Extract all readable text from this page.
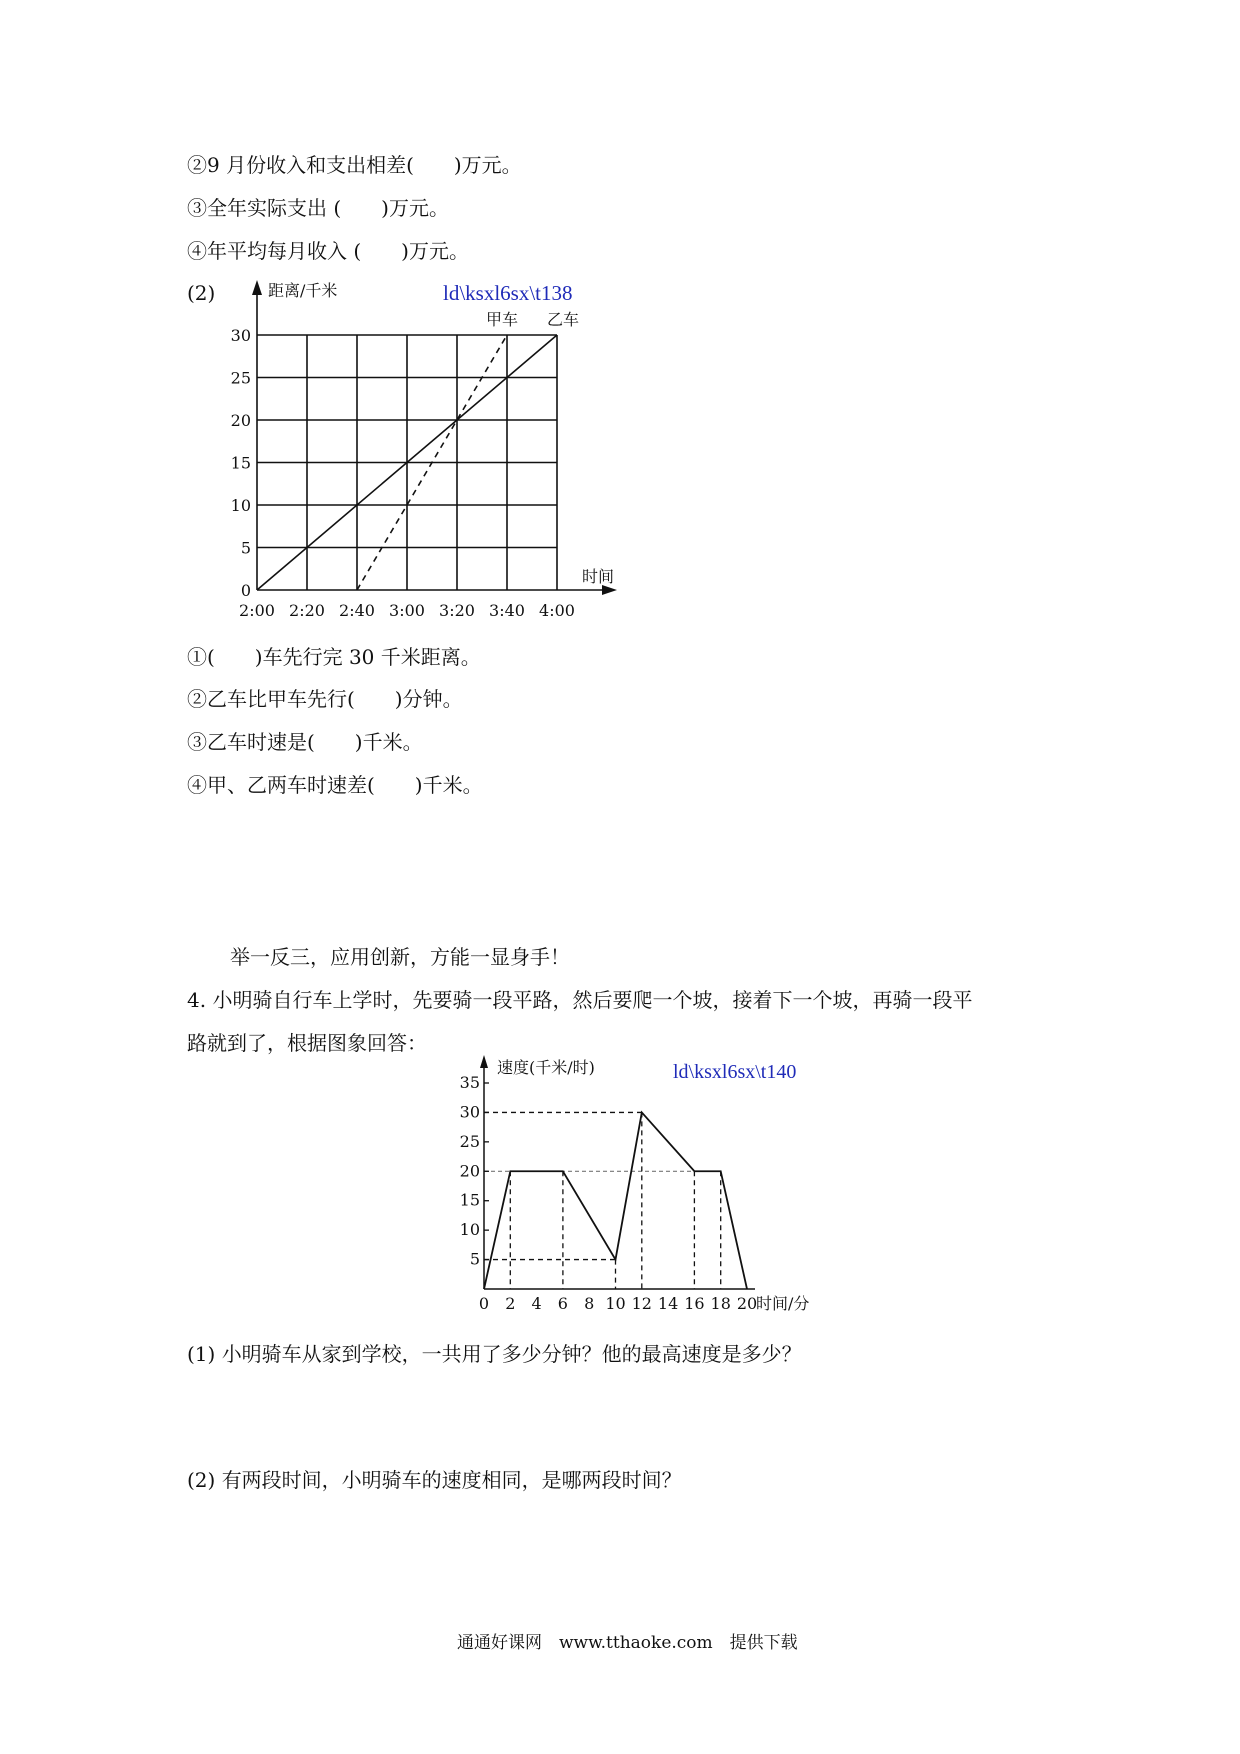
②9 月份收入和支出相差(　　)万元。
③全年实际支出 (　　)万元。
④年平均每月收入 (　　)万元。
(2)	ld\ksxl6sx\t138
甲车 乙车
0
5
10
15
20
25
30
2:00 2:20 2:40 3:00 3:20 3:40 4:00
距离/千米
时间
①(　　)车先行完 30 千米距离。
②乙车比甲车先行(　　)分钟。
③乙车时速是(　　)千米。
④甲、乙两车时速差(　　)千米。
举一反三，应用创新，方能一显身手！
4. 小明骑自行车上学时，先要骑一段平路，然后要爬一个坡，接着下一个坡，再骑一段平
路就到了，根据图象回答：
ld\ksxl6sx\t140
5
10
15
20
25
30
35
0 2 4 6 8 10 12 14 16 18 20
速度(千米/时)
时间/分
(1) 小明骑车从家到学校，一共用了多少分钟？他的最高速度是多少？
(2) 有两段时间，小明骑车的速度相同，是哪两段时间？
通通好课网　www.tthaoke.com　提供下载
